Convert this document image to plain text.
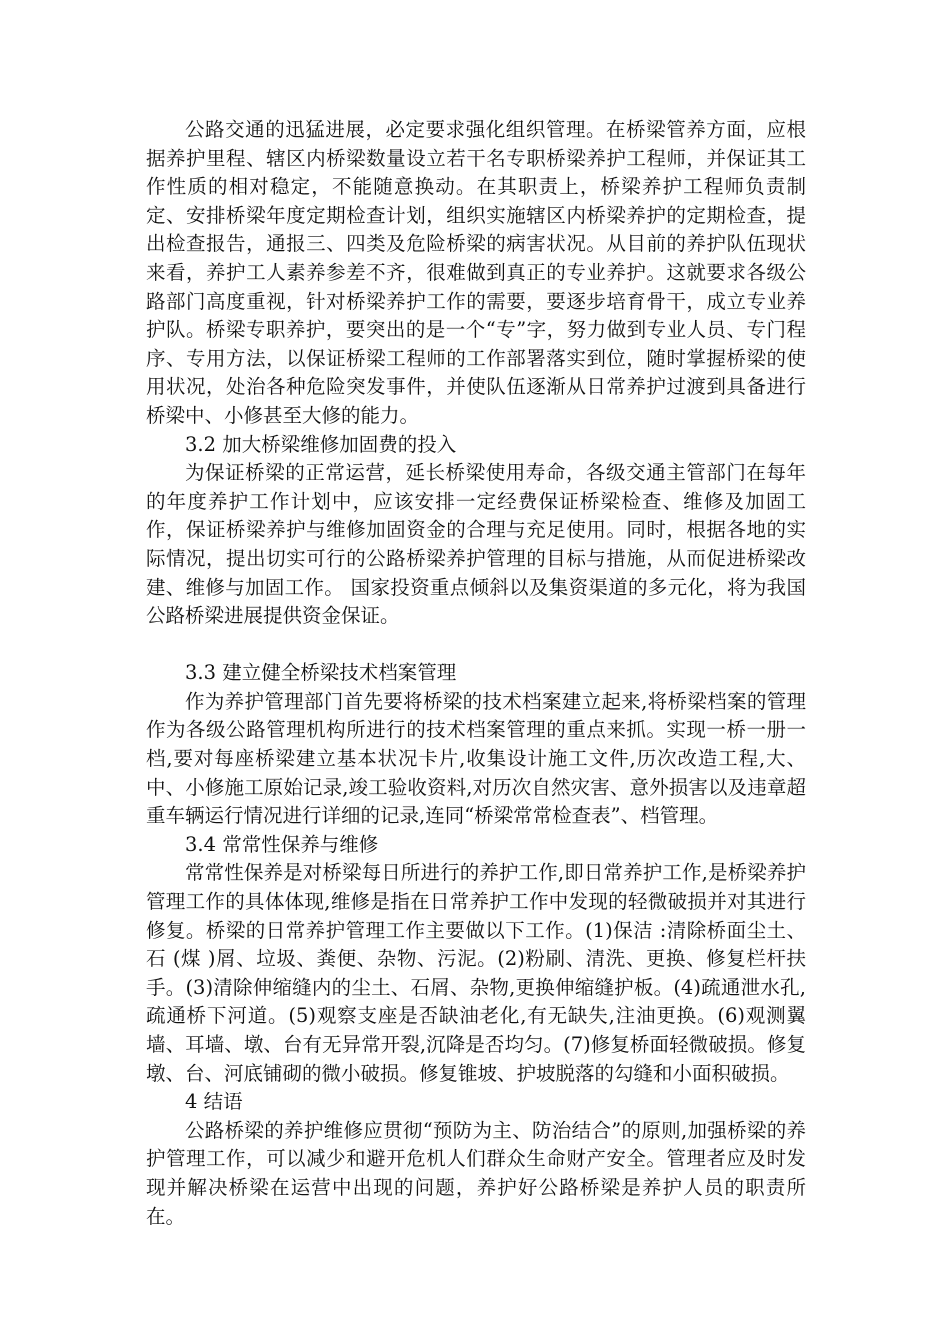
公路交通的迅猛进展，必定要求强化组织管理。在桥梁管养方面，应根据养护里程、辖区内桥梁数量设立若干名专职桥梁养护工程师，并保证其工作性质的相对稳定，不能随意换动。在其职责上，桥梁养护工程师负责制定、安排桥梁年度定期检查计划，组织实施辖区内桥梁养护的定期检查，提出检查报告，通报三、四类及危险桥梁的病害状况。从目前的养护队伍现状来看，养护工人素养参差不齐，很难做到真正的专业养护。这就要求各级公路部门高度重视，针对桥梁养护工作的需要，要逐步培育骨干，成立专业养护队。桥梁专职养护，要突出的是一个“专”字，努力做到专业人员、专门程序、专用方法，以保证桥梁工程师的工作部署落实到位，随时掌握桥梁的使用状况，处治各种危险突发事件，并使队伍逐渐从日常养护过渡到具备进行桥梁中、小修甚至大修的能力。

3.2 加大桥梁维修加固费的投入

为保证桥梁的正常运营，延长桥梁使用寿命，各级交通主管部门在每年的年度养护工作计划中，应该安排一定经费保证桥梁检查、维修及加固工作，保证桥梁养护与维修加固资金的合理与充足使用。同时，根据各地的实际情况，提出切实可行的公路桥梁养护管理的目标与措施，从而促进桥梁改建、维修与加固工作。 国家投资重点倾斜以及集资渠道的多元化，将为我国公路桥梁进展提供资金保证。

3.3 建立健全桥梁技术档案管理

作为养护管理部门首先要将桥梁的技术档案建立起来,将桥梁档案的管理作为各级公路管理机构所进行的技术档案管理的重点来抓。实现一桥一册一档,要对每座桥梁建立基本状况卡片,收集设计施工文件,历次改造工程,大、中、小修施工原始记录,竣工验收资料,对历次自然灾害、意外损害以及违章超重车辆运行情况进行详细的记录,连同“桥梁常常检查表”、档管理。

3.4 常常性保养与维修

常常性保养是对桥梁每日所进行的养护工作,即日常养护工作,是桥梁养护管理工作的具体体现,维修是指在日常养护工作中发现的轻微破损并对其进行修复。桥梁的日常养护管理工作主要做以下工作。(1)保洁 :清除桥面尘土、石 (煤 )屑、垃圾、粪便、杂物、污泥。(2)粉刷、清洗、更换、修复栏杆扶手。(3)清除伸缩缝内的尘土、石屑、杂物,更换伸缩缝护板。(4)疏通泄水孔,疏通桥下河道。(5)观察支座是否缺油老化,有无缺失,注油更换。(6)观测翼墙、耳墙、墩、台有无异常开裂,沉降是否均匀。(7)修复桥面轻微破损。修复墩、台、河底铺砌的微小破损。修复锥坡、护坡脱落的勾缝和小面积破损。

4 结语

公路桥梁的养护维修应贯彻“预防为主、防治结合”的原则,加强桥梁的养护管理工作，可以减少和避开危机人们群众生命财产安全。管理者应及时发现并解决桥梁在运营中出现的问题，养护好公路桥梁是养护人员的职责所在。
